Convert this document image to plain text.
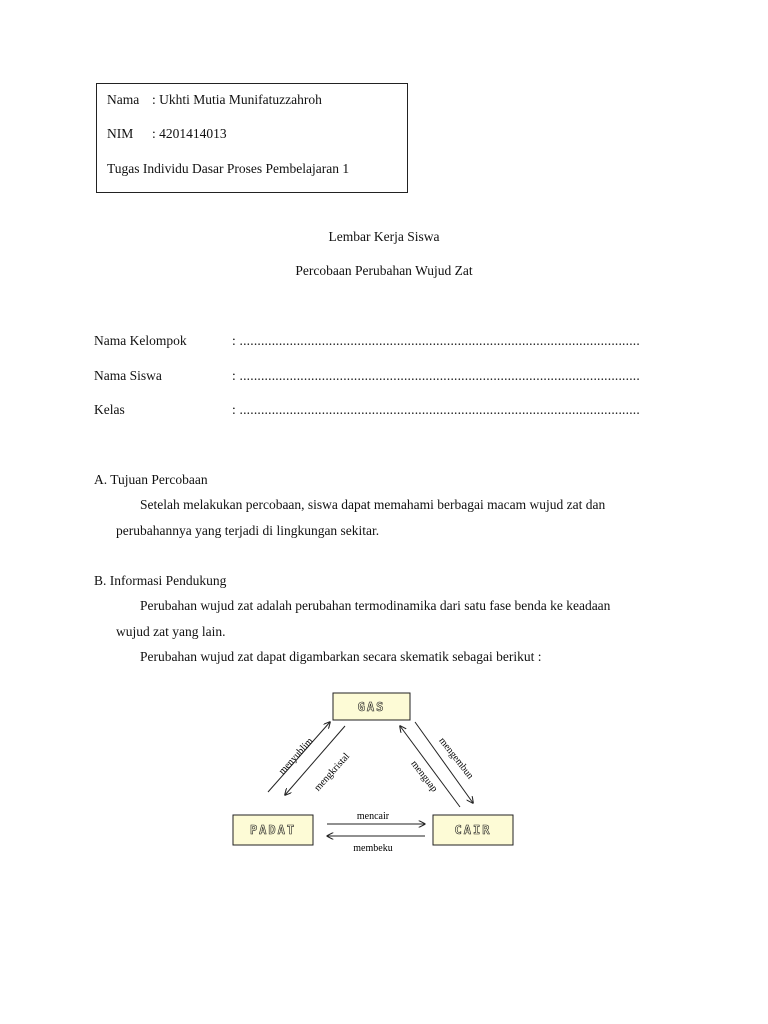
Nama : Ukhti Mutia Munifatuzzahroh
NIM : 4201414013
Tugas Individu Dasar Proses Pembelajaran 1
Lembar Kerja Siswa
Percobaan Perubahan Wujud Zat
Nama Kelompok	: ................................................................................................................
Nama Siswa	: ................................................................................................................
Kelas	: ................................................................................................................
A. Tujuan Percobaan
Setelah melakukan percobaan, siswa dapat memahami berbagai macam wujud zat dan
perubahannya yang terjadi di lingkungan sekitar.
B. Informasi Pendukung
Perubahan wujud zat adalah perubahan termodinamika dari satu fase benda ke keadaan
wujud zat yang lain.
Perubahan wujud zat dapat digambarkan secara skematik sebagai berikut :
GAS
PADAT	CAIR
menyublim
mengkristal	mengembun
menguap
mencair
membeku
